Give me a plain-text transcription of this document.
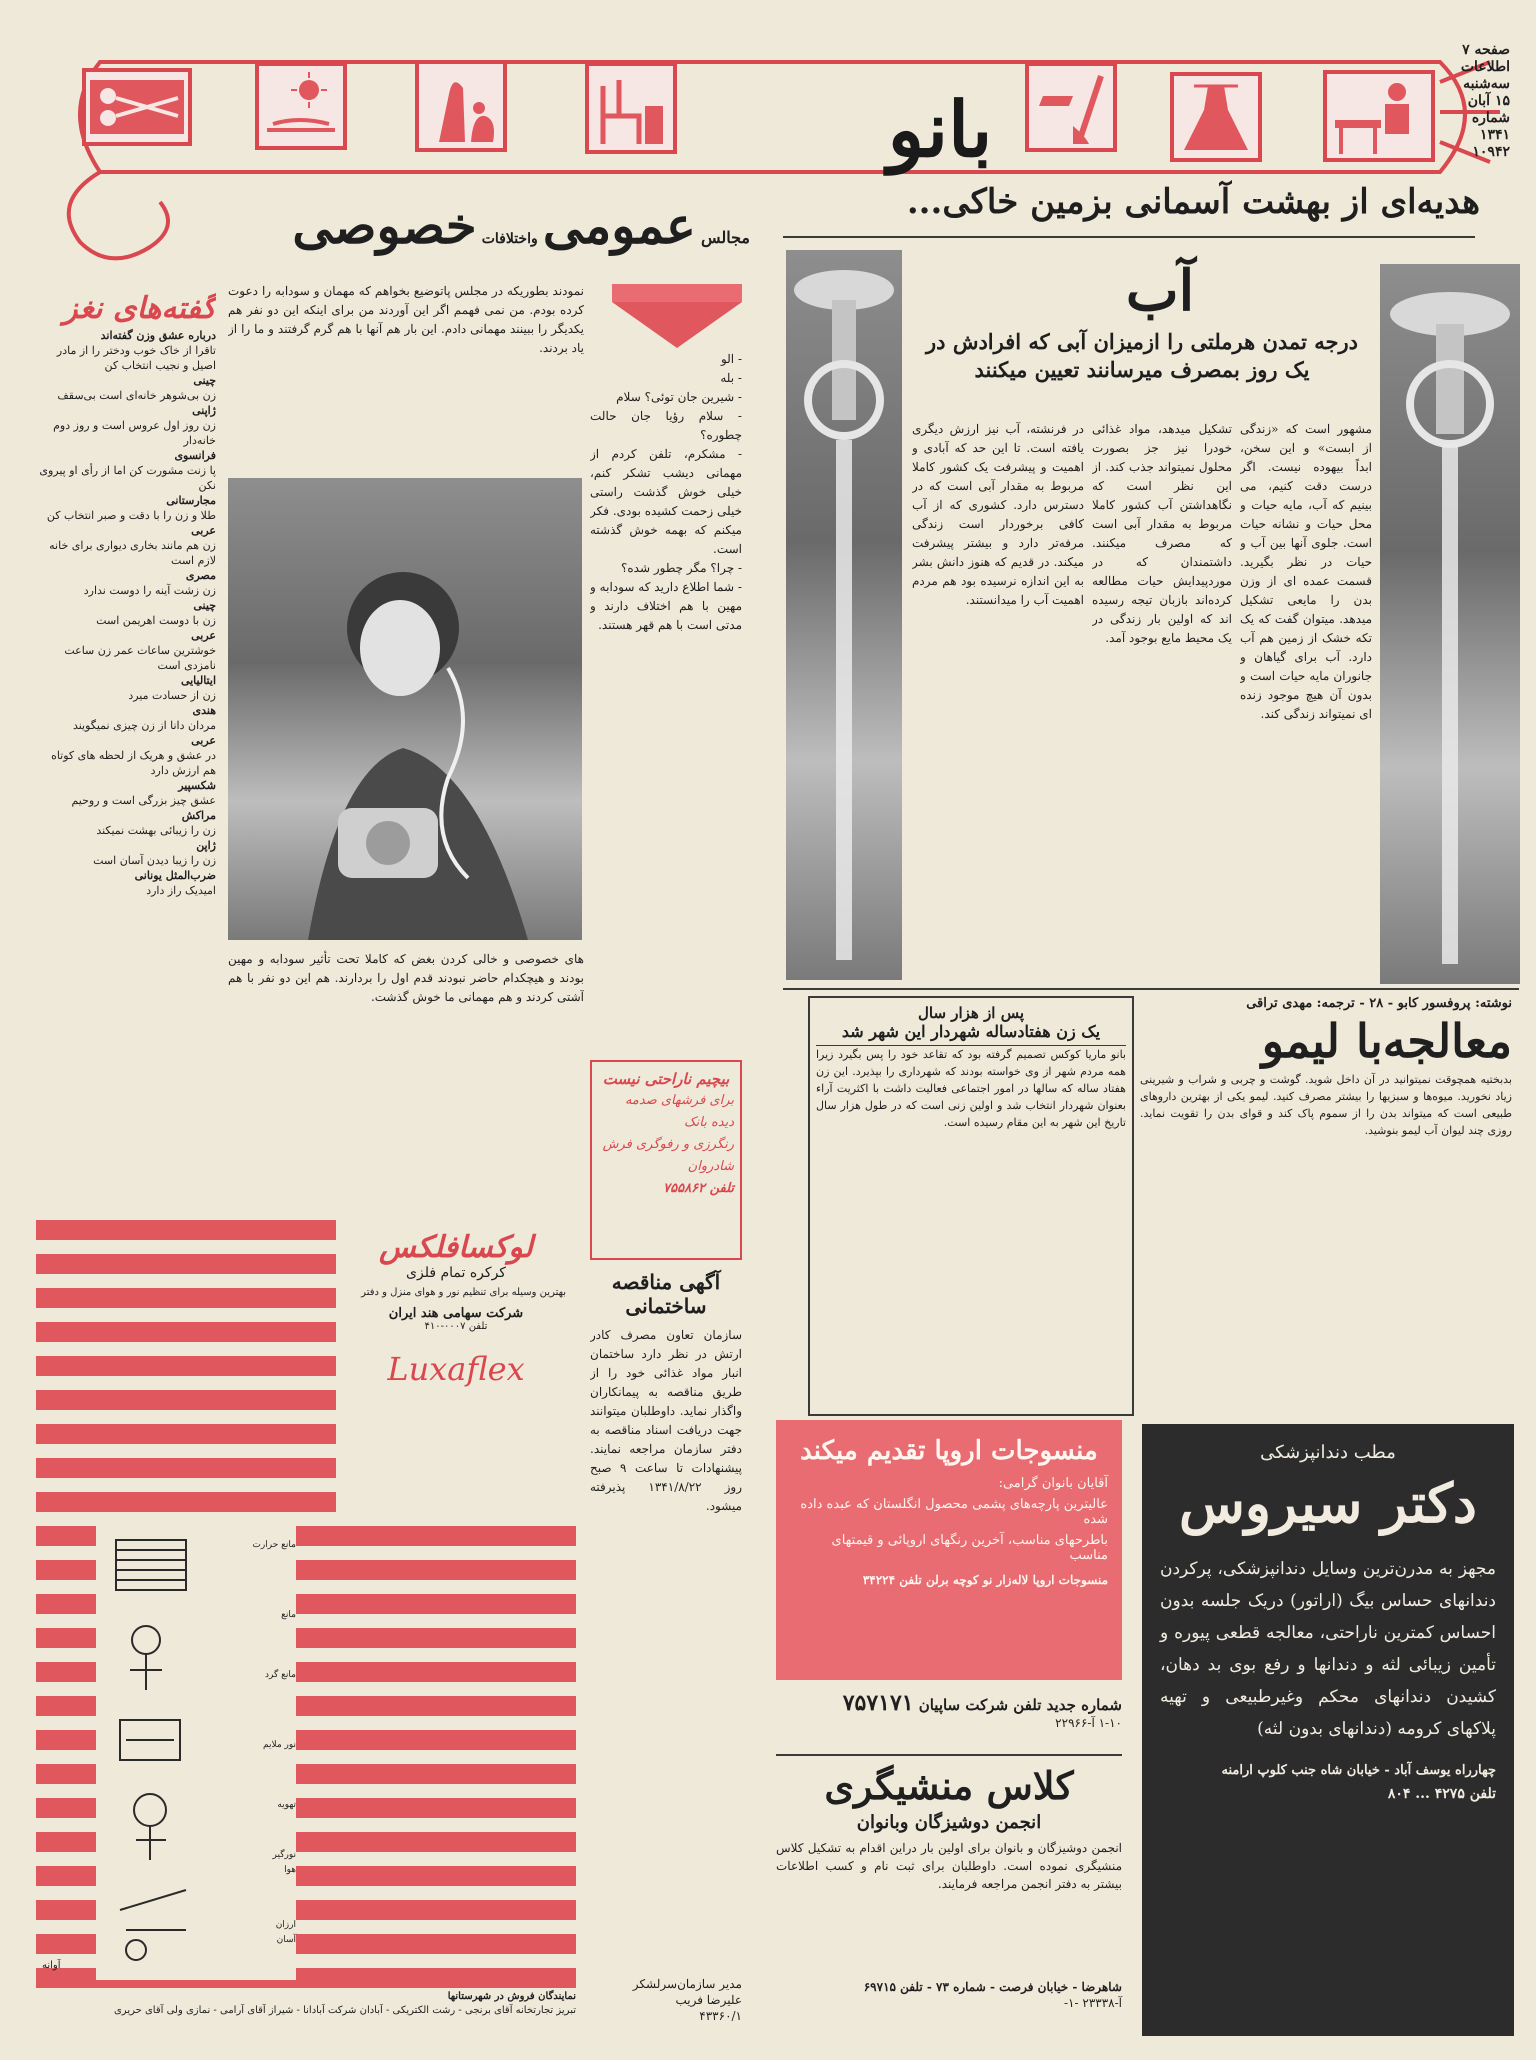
بانو
صفحه ۷
اطلاعات
سه‌شنبه
۱۵ آبان
شماره
۱۳۴۱
۱۰۹۴۲
مجالس عمومی واختلافات خصوصی	هدیه‌ای از بهشت آسمانی بزمین خاکی...
آب
درجه تمدن هرملتی را ازمیزان آبی که افرادش در یک روز بمصرف میرسانند تعیین میکنند
مشهور است که «زندگی از ابست» و این سخن، ابداً بیهوده نیست. اگر درست دقت کنیم، می بینیم که آب، مایه حیات و محل حیات و نشانه حیات است. جلوی آنها بین آب و حیات در نظر بگیرید. قسمت عمده ای از وزن بدن را مایعی تشکیل میدهد. میتوان گفت که یک تکه خشک از زمین هم آب دارد. آب برای گیاهان و جانوران مایه حیات است و بدون آن هیچ موجود زنده ای نمیتواند زندگی کند.
تشکیل میدهد، مواد غذائی خودرا نیز جز بصورت محلول نمیتواند جذب کند. از این نظر است که نگاهداشتن آب کشور کاملا مربوط به مقدار آبی است که مصرف میکنند. داشتمندان که در موردپیدایش حیات مطالعه کرده‌اند بازبان تیجه رسیده اند که اولین بار زندگی در یک محیط مایع بوجود آمد.
در فرنشته، آب نیز ارزش دیگری یافته است. تا این حد که آبادی و اهمیت و پیشرفت یک کشور کاملا مربوط به مقدار آبی است که در دسترس دارد. کشوری که از آب کافی برخوردار است زندگی مرفه‌تر دارد و بیشتر پیشرفت میکند. در قدیم که هنوز دانش بشر به این اندازه نرسیده بود هم مردم اهمیت آب را میدانستند.
گفته‌های نغز
درباره عشق وزن گفته‌اند
تاقرا از خاک خوب ودختر را از مادر اصیل و نجیب انتخاب کن
چینی
زن بی‌شوهر خانه‌ای است بی‌سقف
ژاپنی
زن روز اول عروس است و روز دوم خانه‌دار
فرانسوی
پا زنت مشورت کن اما از رأی او پیروی نکن
مجارستانی
طلا و زن را با دقت و صبر انتخاب کن
عربی
زن هم مانند بخاری دیواری برای خانه لازم است
مصری
زن زشت آینه را دوست ندارد
چینی
زن با دوست اهریمن است
عربی
خوشترین ساعات عمر زن ساعت نامزدی است
ایتالیایی
زن از حسادت میرد
هندی
مردان دانا از زن چیزی نمیگویند
عربی
در عشق و هریک از لحظه های کوتاه هم ارزش دارد
شکسپیر
عشق چیز بزرگی است و روحیم
مراکش
زن را زیبائی بهشت نمیکند
ژاپن
زن را زیبا دیدن آسان است
ضرب‌المثل یونانی
امیدیک راز دارد
نمودند بطوریکه در مجلس پاتوضیع بخواهم که مهمان و سودابه را دعوت کرده بودم. من نمی فهمم اگر این آوردند من برای اینکه این دو نفر هم یکدیگر را ببینند مهمانی دادم. این بار هم آنها با هم گرم گرفتند و ما را از یاد بردند.
- الو
- بله
- شیرین جان توئی؟ سلام
- سلام رؤیا جان حالت چطوره؟
- مشکرم، تلفن کردم از مهمانی دیشب تشکر کنم، خیلی خوش گذشت راستی خیلی زحمت کشیده بودی. فکر میکنم که بهمه خوش گذشته است.
- چرا؟ مگر چطور شده؟
- شما اطلاع دارید که سودابه و مهین با هم اختلاف دارند و مدتی است با هم قهر هستند.
های خصوصی و خالی کردن بغض که کاملا تحت تأثیر سودابه و مهین بودند و هیچکدام حاضر نبودند قدم اول را بردارند. هم این دو نفر با هم آشتی کردند و هم مهمانی ما خوش گذشت.
بیچیم ناراحتی نیست
برای فرشهای صدمه دیده بانک
رنگرزی و رفوگری فرش شادروان
تلفن ۷۵۵۸۶۲
آگهی مناقصه
ساختمانی
سازمان تعاون مصرف کادر ارتش در نظر دارد ساختمان انبار مواد غذائی خود را از طریق مناقصه به پیمانکاران واگذار نماید. داوطلبان میتوانند جهت دریافت اسناد مناقصه به دفتر سازمان مراجعه نمایند. پیشنهادات تا ساعت ۹ صبح روز ۱۳۴۱/۸/۲۲ پذیرفته میشود.
مدیر سازمان‌سرلشکر
علیرضا فریب
۴۳۳۶۰/۱
لوکسافلکس
کرکره تمام فلزی
بهترین وسیله برای تنظیم نور و هوای منزل و دفتر
شرکت سهامی هند ایران
تلفن ۰۰۰۷-۴۱۰
Luxaflex
مانع حرارت
مانع
مانع گرد
نور ملایم
تهویه
نورگیر
هوا
ارزان
آسان
نمایندگان فروش در شهرستانها
تبریز تجارتخانه آقای برنجی - رشت الکتریکی - آبادان شرکت آبادانا - شیراز آقای آرامی - نمازی ولی آقای حریری
آوانه
پس از هزار سال
یک زن هفتادساله شهردار این شهر شد
بانو ماریا کوکس تصمیم گرفته بود که تقاعد خود را پس بگیرد زیرا همه مردم شهر از وی خواسته بودند که شهرداری را بپذیرد. این زن هفتاد ساله که سالها در امور اجتماعی فعالیت داشت با اکثریت آراء بعنوان شهردار انتخاب شد و اولین زنی است که در طول هزار سال تاریخ این شهر به این مقام رسیده است.
نوشته: پروفسور کابو - ۲۸ - ترجمه: مهدی تراقی
معالجه‌با لیمو
بدبختیه همچوقت نمیتوانید در آن داخل شوید. گوشت و چربی و شراب و شیرینی زیاد نخورید. میوه‌ها و سبزیها را بیشتر مصرف کنید. لیمو یکی از بهترین داروهای طبیعی است که میتواند بدن را از سموم پاک کند و قوای بدن را تقویت نماید. روزی چند لیوان آب لیمو بنوشید.
منسوجات اروپا تقدیم میکند
آقایان بانوان گرامی:
عالیترین پارچه‌های پشمی محصول انگلستان که عبده داده شده
باطرحهای مناسب، آخرین رنگهای اروپائی و قیمتهای مناسب
منسوجات اروپا لاله‌زار نو کوچه برلن تلفن ۳۴۲۲۴
شماره جدید تلفن شرکت ساپیان ۷۵۷۱۷۱
۱-۱۰ آ-۲۲۹۶۶
کلاس منشیگری
انجمن دوشیزگان وبانوان
انجمن دوشیزگان و بانوان برای اولین بار دراین اقدام به تشکیل کلاس منشیگری نموده است. داوطلبان برای ثبت نام و کسب اطلاعات بیشتر به دفتر انجمن مراجعه فرمایند.
شاهرضا - خیابان فرصت - شماره ۷۳ - تلفن ۶۹۷۱۵
آ-۲۳۳۳۸ -۱-
مطب دندانپزشکی
دکتر سیروس
مجهز به مدرن‌ترین وسایل دندانپزشکی، پرکردن دندانهای حساس بیگ (اراتور) دریک جلسه بدون احساس کمترین ناراحتی، معالجه قطعی پیوره و تأمین زیبائی لثه و دندانها و رفع بوی بد دهان، کشیدن دندانهای محکم وغیرطبیعی و تهیه پلاکهای کرومه (دندانهای بدون لثه)
چهارراه یوسف آباد - خیابان شاه جنب کلوپ ارامنه
تلفن ۴۲۷۵ ... ۸۰۴
